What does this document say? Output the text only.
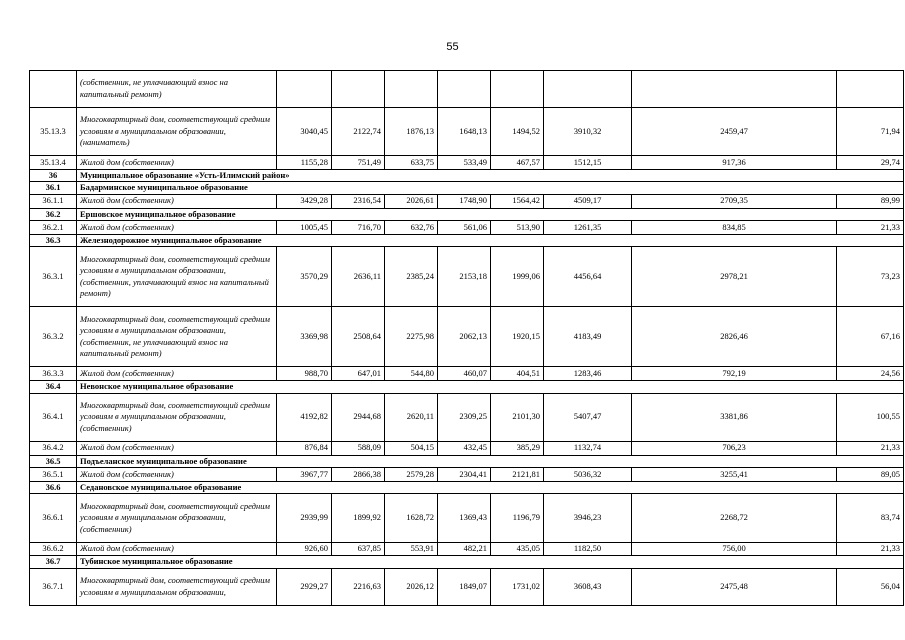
55
	(собственник, не уплачивающий взнос на капитальный ремонт)								
35.13.3	Многоквартирный дом, соответствующий средним условиям в муниципальном образовании, (наниматель)	3040,45	2122,74	1876,13	1648,13	1494,52	3910,32	2459,47	71,94
35.13.4	Жилой дом (собственник)	1155,28	751,49	633,75	533,49	467,57	1512,15	917,36	29,74
36	Муниципальное образование «Усть-Илимский район»								
36.1	Бадарминское муниципальное образование								
36.1.1	Жилой дом (собственник)	3429,28	2316,54	2026,61	1748,90	1564,42	4509,17	2709,35	89,99
36.2	Ершовское муниципальное образование								
36.2.1	Жилой дом (собственник)	1005,45	716,70	632,76	561,06	513,90	1261,35	834,85	21,33
36.3	Железнодорожное муниципальное образование								
36.3.1	Многоквартирный дом, соответствующий средним условиям в муниципальном образовании, (собственник, уплачивающий взнос на капитальный ремонт)	3570,29	2636,11	2385,24	2153,18	1999,06	4456,64	2978,21	73,23
36.3.2	Многоквартирный дом, соответствующий средним условиям в муниципальном образовании, (собственник, не уплачивающий взнос на капитальный ремонт)	3369,98	2508,64	2275,98	2062,13	1920,15	4183,49	2826,46	67,16
36.3.3	Жилой дом (собственник)	988,70	647,01	544,80	460,07	404,51	1283,46	792,19	24,56
36.4	Невонское муниципальное образование								
36.4.1	Многоквартирный дом, соответствующий средним условиям в муниципальном образовании, (собственник)	4192,82	2944,68	2620,11	2309,25	2101,30	5407,47	3381,86	100,55
36.4.2	Жилой дом (собственник)	876,84	588,09	504,15	432,45	385,29	1132,74	706,23	21,33
36.5	Подъеланское муниципальное образование								
36.5.1	Жилой дом (собственник)	3967,77	2866,38	2579,28	2304,41	2121,81	5036,32	3255,41	89,05
36.6	Седановское муниципальное образование								
36.6.1	Многоквартирный дом, соответствующий средним условиям в муниципальном образовании, (собственник)	2939,99	1899,92	1628,72	1369,43	1196,79	3946,23	2268,72	83,74
36.6.2	Жилой дом (собственник)	926,60	637,85	553,91	482,21	435,05	1182,50	756,00	21,33
36.7	Тубинское муниципальное образование								
36.7.1	Многоквартирный дом, соответствующий средним условиям в муниципальном образовании,	2929,27	2216,63	2026,12	1849,07	1731,02	3608,43	2475,48	56,04
